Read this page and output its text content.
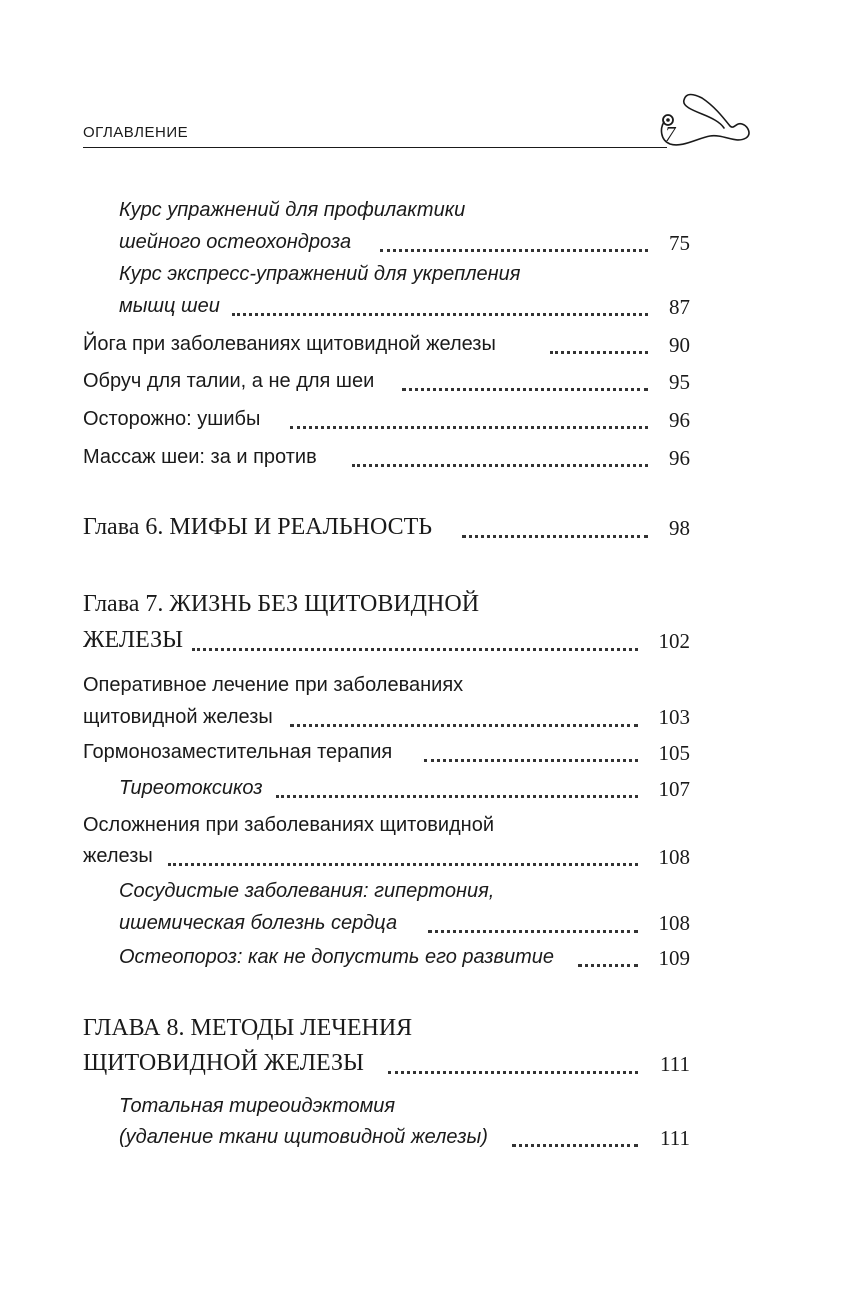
ОГЛАВЛЕНИЕ	7
Курс упражнений для профилактики
шейного остеохондроза	75
Курс экспресс-упражнений для укрепления
мышц шеи	87
Йога при заболеваниях щитовидной железы	90
Обруч для талии, а не для шеи	95
Осторожно: ушибы	96
Массаж шеи: за и против	96
Глава 6. МИФЫ И РЕАЛЬНОСТЬ	98
Глава 7. ЖИЗНЬ БЕЗ ЩИТОВИДНОЙ
ЖЕЛЕЗЫ	102
Оперативное лечение при заболеваниях
щитовидной железы	103
Гормонозаместительная терапия	105
Тиреотоксикоз	107
Осложнения при заболеваниях щитовидной
железы	108
Сосудистые заболевания: гипертония,
ишемическая болезнь сердца	108
Остеопороз: как не допустить его развитие	109
ГЛАВА 8. МЕТОДЫ ЛЕЧЕНИЯ
ЩИТОВИДНОЙ ЖЕЛЕЗЫ	111
Тотальная тиреоидэктомия
(удаление ткани щитовидной железы)	111
